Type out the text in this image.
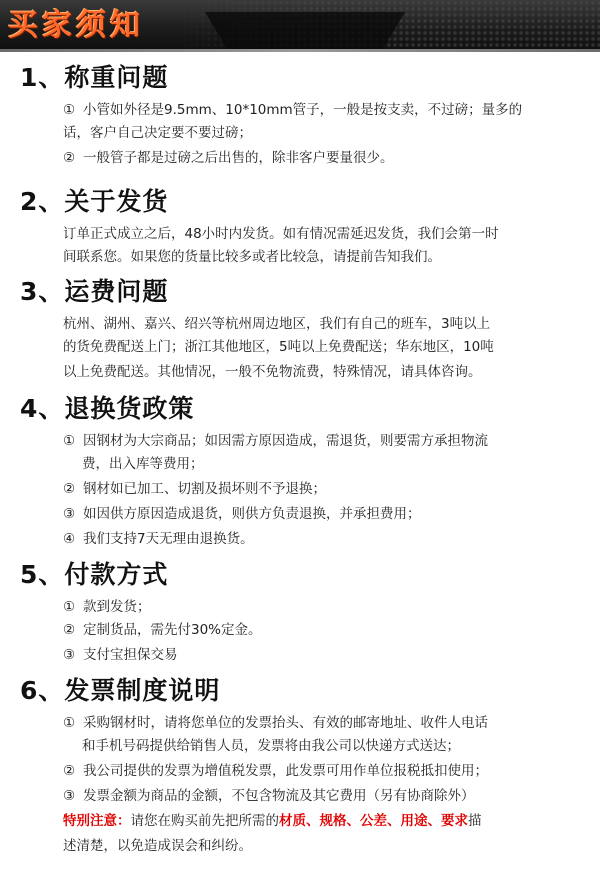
买家须知
1、称重问题
① 小管如外径是9.5mm、10*10mm管子，一般是按支卖，不过磅；量多的
话，客户自己决定要不要过磅；
② 一般管子都是过磅之后出售的，除非客户要量很少。
2、关于发货
订单正式成立之后，48小时内发货。如有情况需延迟发货，我们会第一时
间联系您。如果您的货量比较多或者比较急，请提前告知我们。
3、运费问题
杭州、湖州、嘉兴、绍兴等杭州周边地区，我们有自己的班车，3吨以上
的货免费配送上门；浙江其他地区，5吨以上免费配送；华东地区，10吨
以上免费配送。其他情况，一般不免物流费，特殊情况，请具体咨询。
4、退换货政策
① 因钢材为大宗商品；如因需方原因造成，需退货，则要需方承担物流
费，出入库等费用；
② 钢材如已加工、切割及损坏则不予退换；
③ 如因供方原因造成退货，则供方负责退换，并承担费用；
④ 我们支持7天无理由退换货。
5、付款方式
① 款到发货；
② 定制货品，需先付30%定金。
③ 支付宝担保交易
6、发票制度说明
① 采购钢材时，请将您单位的发票抬头、有效的邮寄地址、收件人电话
和手机号码提供给销售人员，发票将由我公司以快递方式送达；
② 我公司提供的发票为增值税发票，此发票可用作单位报税抵扣使用；
③ 发票金额为商品的金额，不包含物流及其它费用（另有协商除外）
特别注意：请您在购买前先把所需的材质、规格、公差、用途、要求描
述清楚，以免造成误会和纠纷。
